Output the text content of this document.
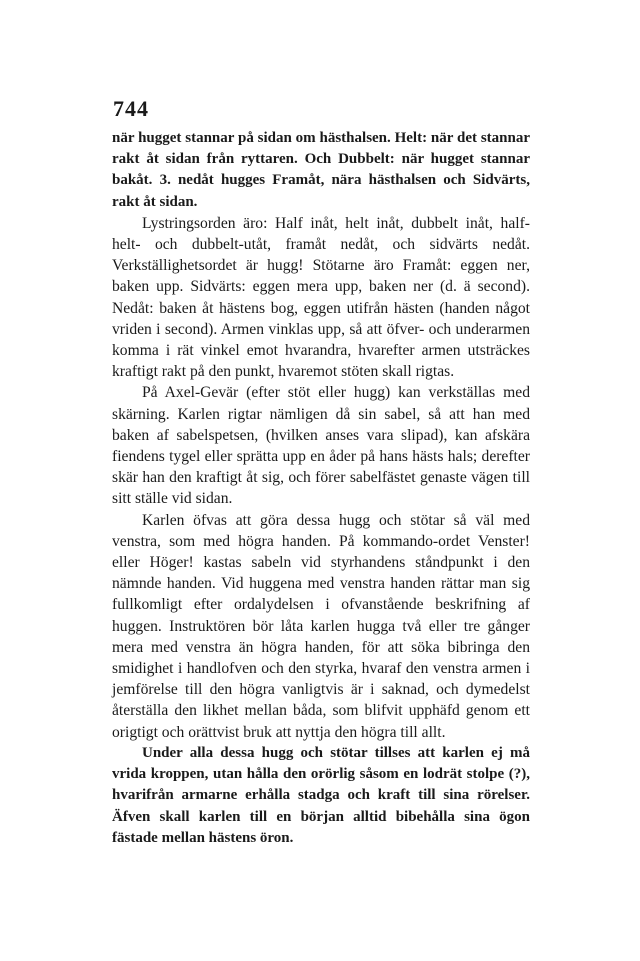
744

när hugget stannar på sidan om hästhalsen. Helt: när det stannar rakt åt sidan från ryttaren. Och Dubbelt: när hugget stannar bakåt. 3. nedåt hugges Framåt, nära hästhalsen och Sidvärts, rakt åt sidan.

Lystringsorden äro: Half inåt, helt inåt, dubbelt inåt, half- helt- och dubbelt-utåt, framåt nedåt, och sidvärts nedåt. Verkställighetsordet är hugg! Stötarne äro Framåt: eggen ner, baken upp. Sidvärts: eggen mera upp, baken ner (d. ä second). Nedåt: baken åt hästens bog, eggen utifrån hästen (handen något vriden i second). Armen vinklas upp, så att öfver- och underarmen komma i rät vinkel emot hvarandra, hvarefter armen utsträckes kraftigt rakt på den punkt, hvaremot stöten skall rigtas.

På Axel-Gevär (efter stöt eller hugg) kan verkställas med skärning. Karlen rigtar nämligen då sin sabel, så att han med baken af sabelspetsen, (hvilken anses vara slipad), kan afskära fiendens tygel eller sprätta upp en åder på hans hästs hals; derefter skär han den kraftigt åt sig, och förer sabelfästet genaste vägen till sitt ställe vid sidan.

Karlen öfvas att göra dessa hugg och stötar så väl med venstra, som med högra handen. På kommando-ordet Venster! eller Höger! kastas sabeln vid styrhandens ståndpunkt i den nämnde handen. Vid huggena med venstra handen rättar man sig fullkomligt efter ordalydelsen i ofvanstående beskrifning af huggen. Instruktören bör låta karlen hugga två eller tre gånger mera med venstra än högra handen, för att söka bibringa den smidighet i handlofven och den styrka, hvaraf den venstra armen i jemförelse till den högra vanligtvis är i saknad, och dymedelst återställa den likhet mellan båda, som blifvit upphäfd genom ett origtigt och orättvist bruk att nyttja den högra till allt.

Under alla dessa hugg och stötar tillses att karlen ej må vrida kroppen, utan hålla den orörlig såsom en lodrät stolpe (?), hvarifrån armarne erhålla stadga och kraft till sina rörelser. Äfven skall karlen till en början alltid bibehålla sina ögon fästade mellan hästens öron.
